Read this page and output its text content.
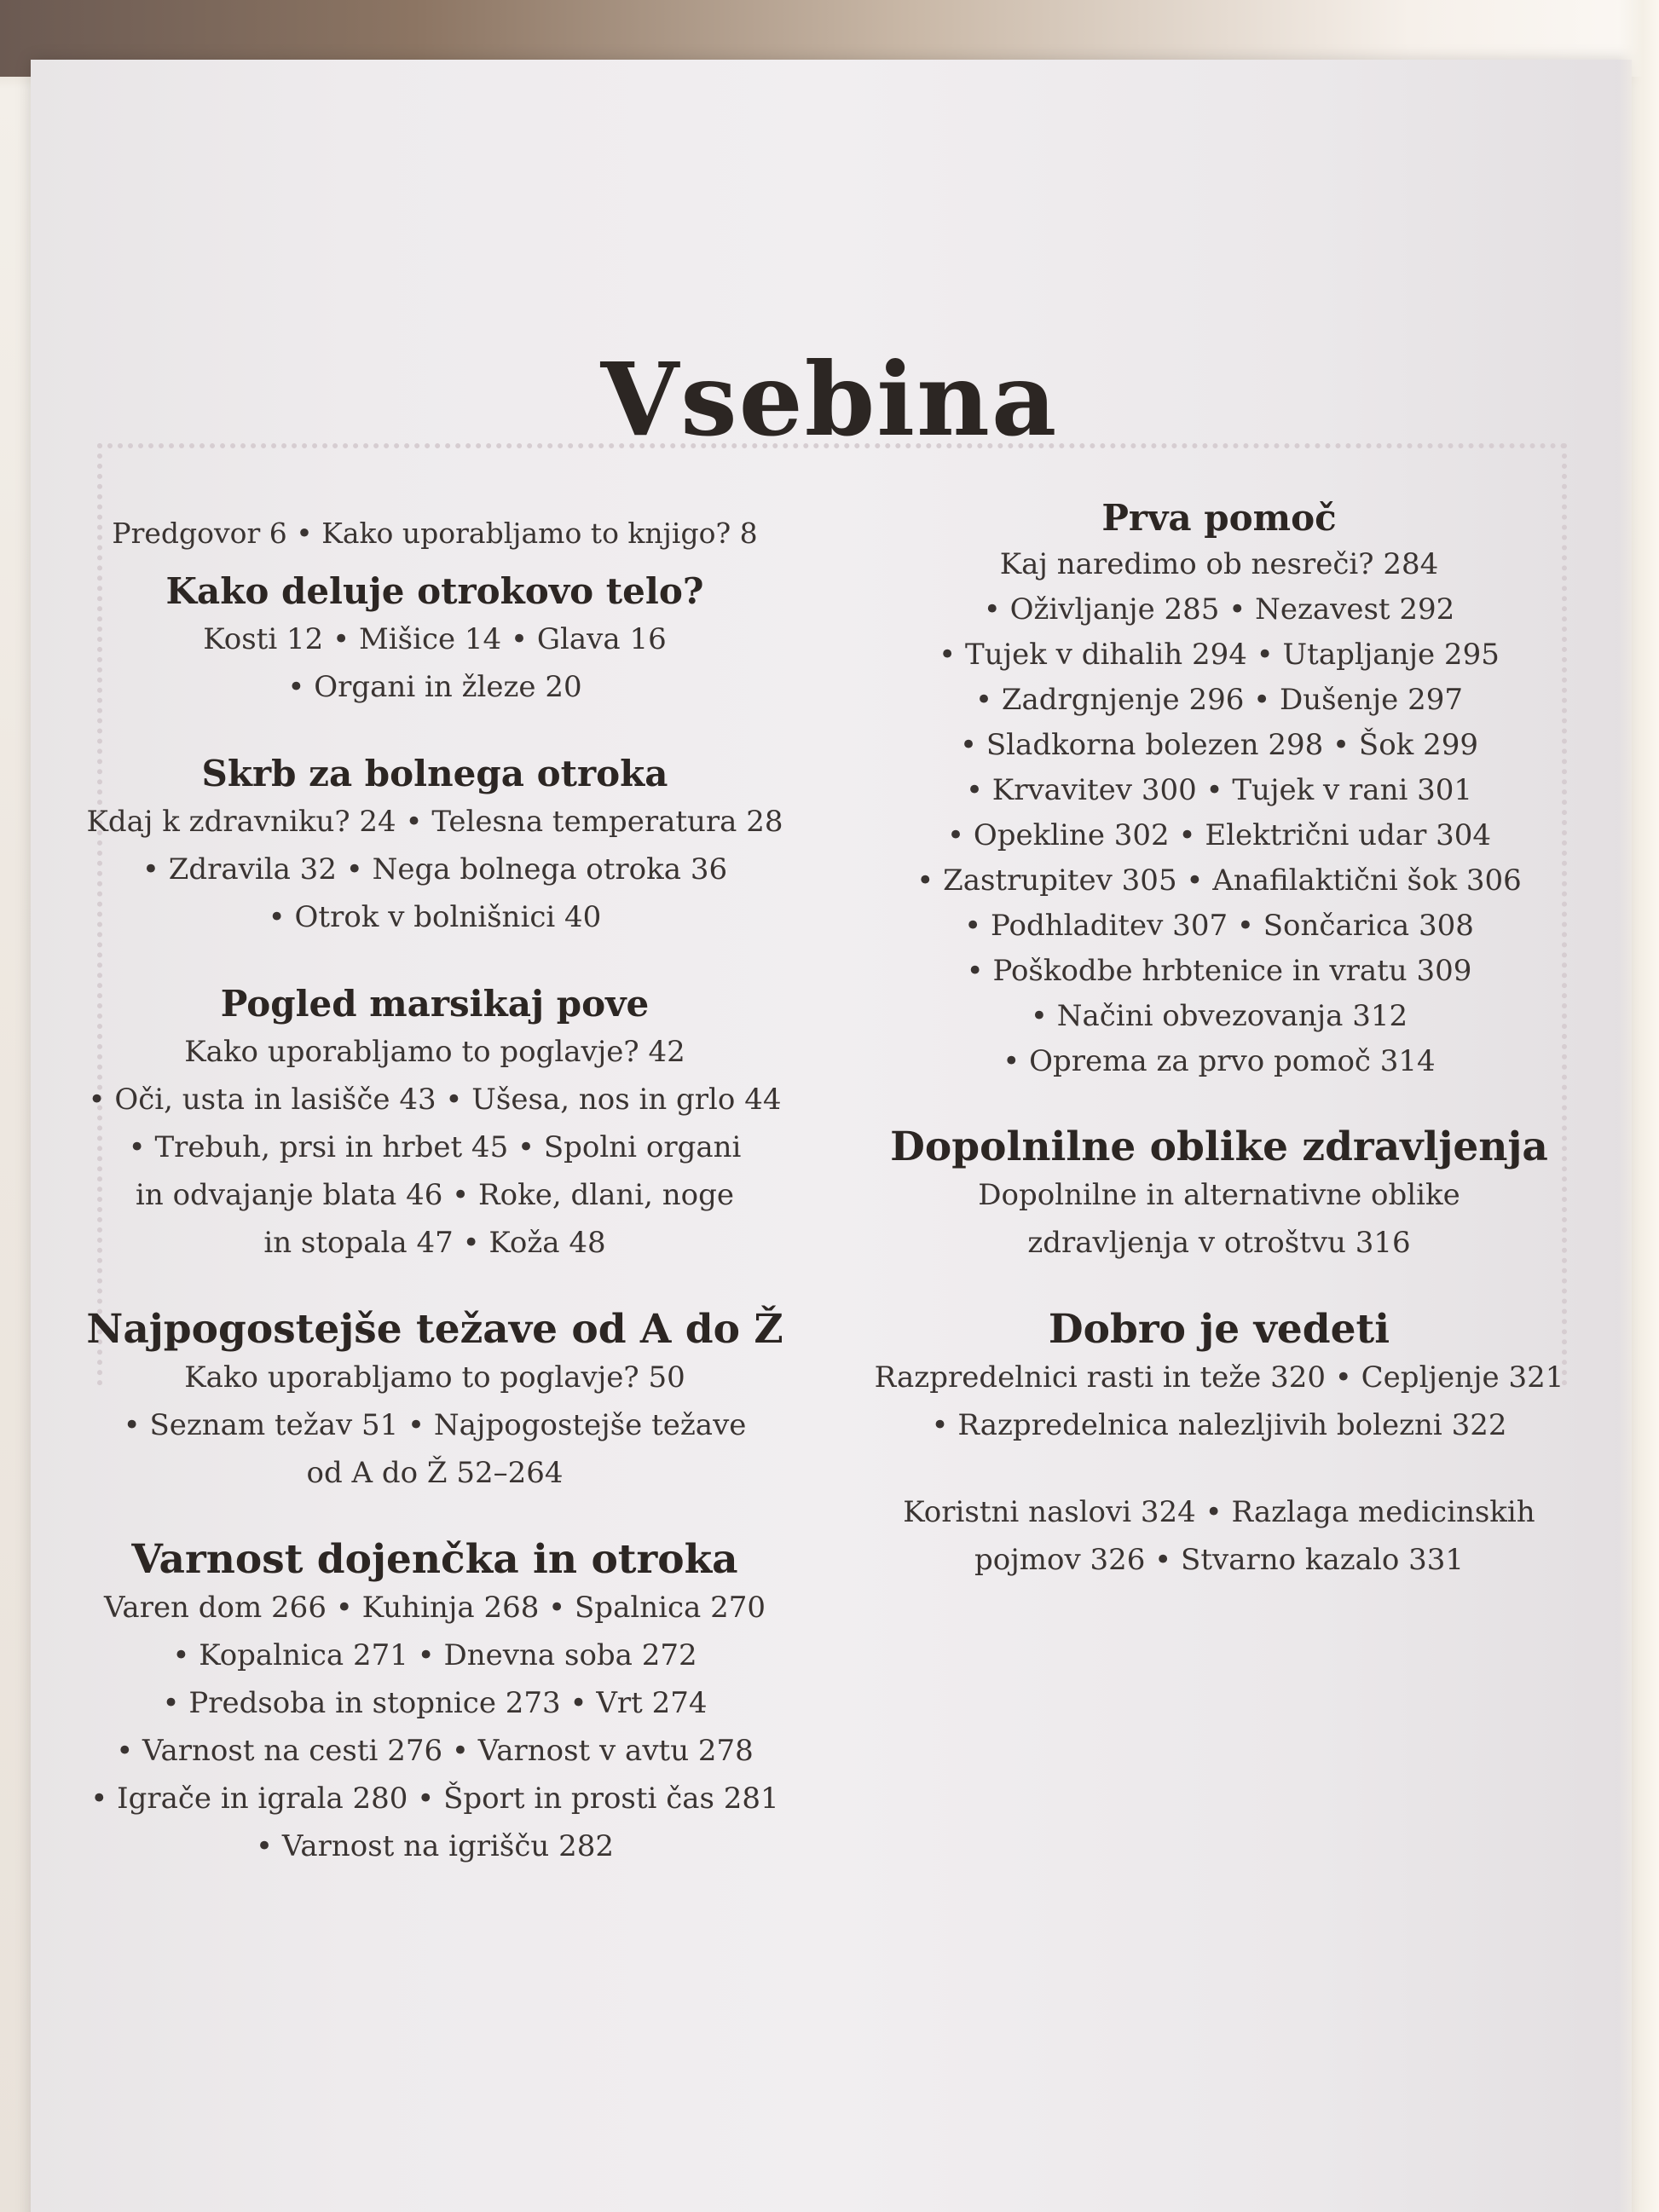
Vsebina

Predgovor 6 • Kako uporabljamo to knjigo? 8

Kako deluje otrokovo telo?

Kosti 12 • Mišice 14 • Glava 16

• Organi in žleze 20

Skrb za bolnega otroka

Kdaj k zdravniku? 24 • Telesna temperatura 28

• Zdravila 32 • Nega bolnega otroka 36

• Otrok v bolnišnici 40

Pogled marsikaj pove

Kako uporabljamo to poglavje? 42

• Oči, usta in lasišče 43 • Ušesa, nos in grlo 44

• Trebuh, prsi in hrbet 45 • Spolni organi

in odvajanje blata 46 • Roke, dlani, noge

in stopala 47 • Koža 48

Najpogostejše težave od A do Ž

Kako uporabljamo to poglavje? 50

• Seznam težav 51 • Najpogostejše težave

od A do Ž 52–264

Varnost dojenčka in otroka

Varen dom 266 • Kuhinja 268 • Spalnica 270

• Kopalnica 271 • Dnevna soba 272

• Predsoba in stopnice 273 • Vrt 274

• Varnost na cesti 276 • Varnost v avtu 278

• Igrače in igrala 280 • Šport in prosti čas 281

• Varnost na igrišču 282

Prva pomoč

Kaj naredimo ob nesreči? 284

• Oživljanje 285 • Nezavest 292

• Tujek v dihalih 294 • Utapljanje 295

• Zadrgnjenje 296 • Dušenje 297

• Sladkorna bolezen 298 • Šok 299

• Krvavitev 300 • Tujek v rani 301

• Opekline 302 • Električni udar 304

• Zastrupitev 305 • Anafilaktični šok 306

• Podhladitev 307 • Sončarica 308

• Poškodbe hrbtenice in vratu 309

• Načini obvezovanja 312

• Oprema za prvo pomoč 314

Dopolnilne oblike zdravljenja

Dopolnilne in alternativne oblike

zdravljenja v otroštvu 316

Dobro je vedeti

Razpredelnici rasti in teže 320 • Cepljenje 321

• Razpredelnica nalezljivih bolezni 322

Koristni naslovi 324 • Razlaga medicinskih

pojmov 326 • Stvarno kazalo 331
